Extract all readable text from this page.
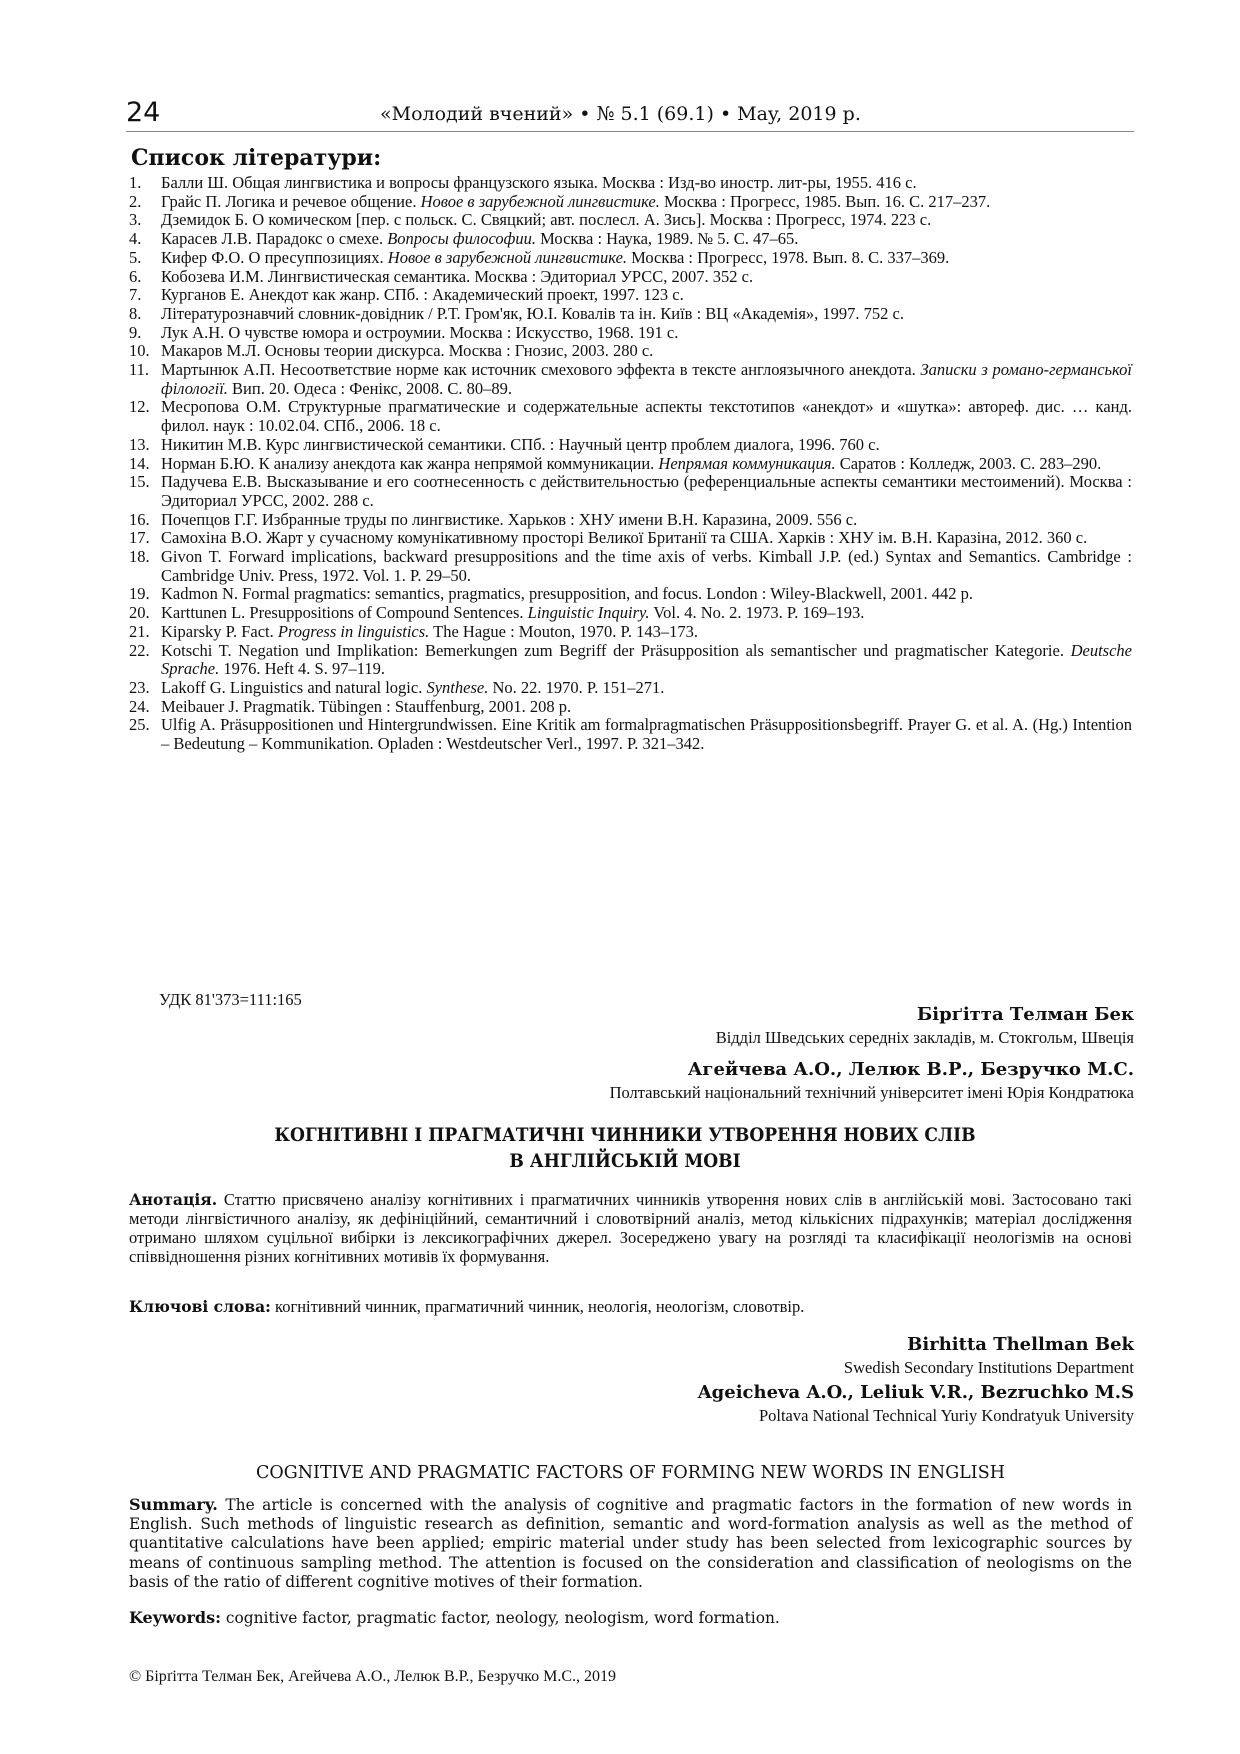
24	«Молодий вчений» • № 5.1 (69.1) • May, 2019 р.
Список літератури:
1.	Балли Ш. Общая лингвистика и вопросы французского языка. Москва : Изд-во иностр. лит-ры, 1955. 416 с.
2.	Грайс П. Логика и речевое общение. Новое в зарубежной лингвистике. Москва : Прогресс, 1985. Вып. 16. С. 217–237.
3.	Дземидок Б. О комическом [пер. с польск. С. Свяцкий; авт. послесл. А. Зись]. Москва : Прогресс, 1974. 223 с.
4.	Карасев Л.В. Парадокс о смехе. Вопросы философии. Москва : Наука, 1989. № 5. С. 47–65.
5.	Кифер Ф.О. О пресуппозициях. Новое в зарубежной лингвистике. Москва : Прогресс, 1978. Вып. 8. С. 337–369.
6.	Кобозева И.М. Лингвистическая семантика. Москва : Эдиториал УРСС, 2007. 352 с.
7.	Курганов Е. Анекдот как жанр. СПб. : Академический проект, 1997. 123 с.
8.	Літературознавчий словник-довідник / Р.Т. Гром'як, Ю.І. Ковалів та ін. Київ : ВЦ «Академія», 1997. 752 с.
9.	Лук А.Н. О чувстве юмора и остроумии. Москва : Искусство, 1968. 191 с.
10. Макаров М.Л. Основы теории дискурса. Москва : Гнозис, 2003. 280 с.
11. Мартынюк А.П. Несоответствие норме как источник смехового эффекта в тексте англоязычного анекдота. Записки з романо-германської філології. Вип. 20. Одеса : Фенікс, 2008. С. 80–89.
12. Месропова О.М. Структурные прагматические и содержательные аспекты текстотипов «анекдот» и «шутка»: автореф. дис. … канд. филол. наук : 10.02.04. СПб., 2006. 18 с.
13. Никитин М.В. Курс лингвистической семантики. СПб. : Научный центр проблем диалога, 1996. 760 с.
14. Норман Б.Ю. К анализу анекдота как жанра непрямой коммуникации. Непрямая коммуникация. Саратов : Колледж, 2003. С. 283–290.
15. Падучева Е.В. Высказывание и его соотнесенность с действительностью (референциальные аспекты семантики местоимений). Москва : Эдиториал УРСС, 2002. 288 с.
16. Почепцов Г.Г. Избранные труды по лингвистике. Харьков : ХНУ имени В.Н. Каразина, 2009. 556 с.
17. Самохіна В.О. Жарт у сучасному комунікативному просторі Великої Британії та США. Харків : ХНУ ім. В.Н. Каразіна, 2012. 360 с.
18. Givon T. Forward implications, backward presuppositions and the time axis of verbs. Kimball J.P. (ed.) Syntax and Semantics. Cambridge : Cambridge Univ. Press, 1972. Vol. 1. P. 29–50.
19. Kadmon N. Formal pragmatics: semantics, pragmatics, presupposition, and focus. London : Wiley-Blackwell, 2001. 442 p.
20. Karttunen L. Presuppositions of Compound Sentences. Linguistic Inquiry. Vol. 4. No. 2. 1973. P. 169–193.
21. Kiparsky P. Fact. Progress in linguistics. The Hague : Mouton, 1970. P. 143–173.
22. Kotschi T. Negation und Implikation: Bemerkungen zum Begriff der Präsupposition als semantischer und pragmatischer Kategorie. Deutsche Sprache. 1976. Heft 4. S. 97–119.
23. Lakoff G. Linguistics and natural logic. Synthese. No. 22. 1970. P. 151–271.
24. Meibauer J. Pragmatik. Tübingen : Stauffenburg, 2001. 208 p.
25. Ulfig A. Präsuppositionen und Hintergrundwissen. Eine Kritik am formalpragmatischen Präsuppositionsbegriff. Prayer G. et al. A. (Hg.) Intention – Bedeutung – Kommunikation. Opladen : Westdeutscher Verl., 1997. P. 321–342.
УДК 81'373=111:165
Бірґітта Телман Бек
Відділ Шведських середніх закладів, м. Стокгольм, Швеція
Агейчева А.О., Лелюк В.Р., Безручко М.С.
Полтавський національний технічний університет імені Юрія Кондратюка
КОГНІТИВНІ І ПРАГМАТИЧНІ ЧИННИКИ УТВОРЕННЯ НОВИХ СЛІВ
В АНГЛІЙСЬКІЙ МОВІ

Анотація. Статтю присвячено аналізу когнітивних і прагматичних чинників утворення нових слів в англійській мові. Застосовано такі методи лінгвістичного аналізу, як дефініційний, семантичний і словотвірний аналіз, метод кількісних підрахунків; матеріал дослідження отримано шляхом суцільної вибірки із лексикографічних джерел. Зосереджено увагу на розгляді та класифікації неологізмів на основі співвідношення різних когнітивних мотивів їх формування.

Ключові слова: когнітивний чинник, прагматичний чинник, неологія, неологізм, словотвір.

Birhitta Thellman Bek
Swedish Secondary Institutions Department
Ageicheva A.O., Leliuk V.R., Bezruchko M.S
Poltava National Technical Yuriy Kondratyuk University
COGNITIVE AND PRAGMATIC FACTORS OF FORMING NEW WORDS IN ENGLISH

Summary. The article is concerned with the analysis of cognitive and pragmatic factors in the formation of new words in English. Such methods of linguistic research as definition, semantic and word-formation analysis as well as the method of quantitative calculations have been applied; empiric material under study has been selected from lexicographic sources by means of continuous sampling method. The attention is focused on the consideration and classification of neologisms on the basis of the ratio of different cognitive motives of their formation.

Keywords: cognitive factor, pragmatic factor, neology, neologism, word formation.

© Бірґітта Телман Бек, Агейчева А.О., Лелюк В.Р., Безручко М.С., 2019
